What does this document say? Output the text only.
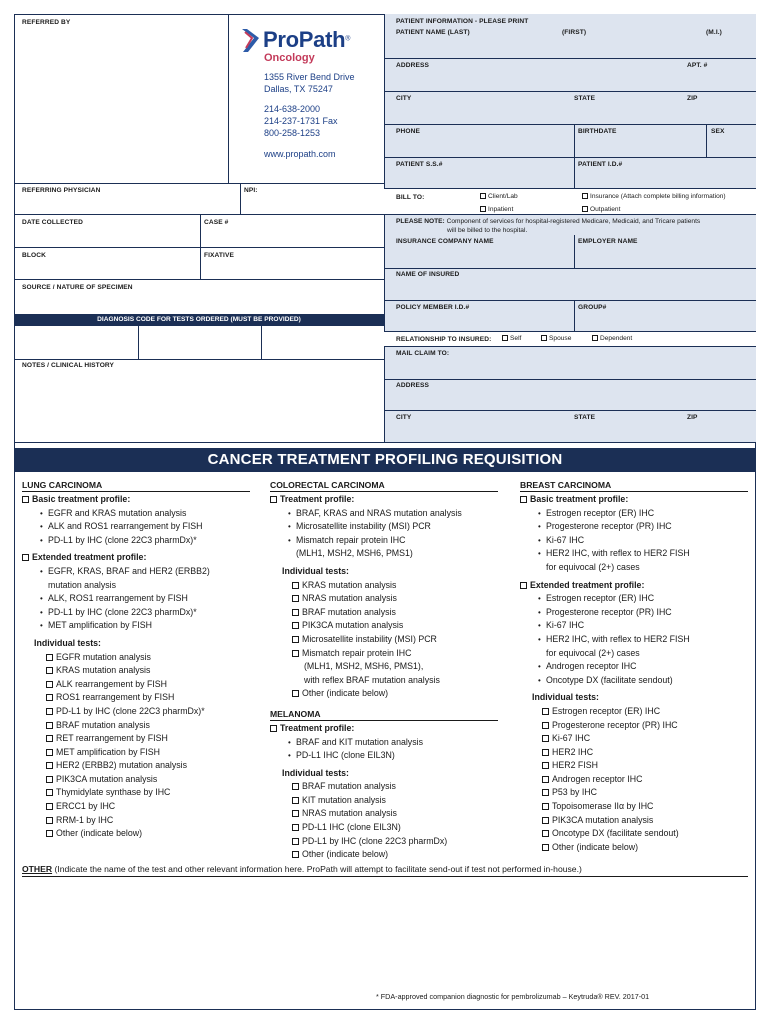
REFERRED BY
ProPath®
Oncology
1355 River Bend Drive
Dallas, TX 75247
214-638-2000
214-237-1731 Fax
800-258-1253
www.propath.com
REFERRING PHYSICIAN	NPI:
DATE COLLECTED	CASE #
BLOCK	FIXATIVE
SOURCE / NATURE OF SPECIMEN
DIAGNOSIS CODE FOR TESTS ORDERED (MUST BE PROVIDED)
NOTES / CLINICAL HISTORY
PATIENT INFORMATION - PLEASE PRINT
PATIENT NAME (LAST)	(FIRST)	(M.I.)
ADDRESS	APT. #
CITY	STATE	ZIP
PHONE	BIRTHDATE	SEX
PATIENT S.S.#	PATIENT I.D.#
BILL TO:	Client/Lab	Insurance (Attach complete billing information)
Inpatient	Outpatient
PLEASE NOTE: Component of services for hospital-registered Medicare, Medicaid, and Tricare patients
will be billed to the hospital.
INSURANCE COMPANY NAME	EMPLOYER NAME
NAME OF INSURED
POLICY MEMBER I.D.#	GROUP#
RELATIONSHIP TO INSURED:	Self	Spouse	Dependent
MAIL CLAIM TO:
ADDRESS
CITY	STATE	ZIP
CANCER TREATMENT PROFILING REQUISITION
LUNG CARCINOMA
Basic treatment profile:
• EGFR and KRAS mutation analysis
• ALK and ROS1 rearrangement by FISH
• PD-L1 by IHC (clone 22C3 pharmDx)*
Extended treatment profile:
• EGFR, KRAS, BRAF and HER2 (ERBB2)
mutation analysis
• ALK, ROS1 rearrangement by FISH
• PD-L1 by IHC (clone 22C3 pharmDx)*
• MET amplification by FISH
Individual tests:
EGFR mutation analysis
KRAS mutation analysis
ALK rearrangement by FISH
ROS1 rearrangement by FISH
PD-L1 by IHC (clone 22C3 pharmDx)*
BRAF mutation analysis
RET rearrangement by FISH
MET amplification by FISH
HER2 (ERBB2) mutation analysis
PIK3CA mutation analysis
Thymidylate synthase by IHC
ERCC1 by IHC
RRM-1 by IHC
Other (indicate below)
COLORECTAL CARCINOMA
Treatment profile:
• BRAF, KRAS and NRAS mutation analysis
• Microsatellite instability (MSI) PCR
• Mismatch repair protein IHC
(MLH1, MSH2, MSH6, PMS1)
Individual tests:
KRAS mutation analysis
NRAS mutation analysis
BRAF mutation analysis
PIK3CA mutation analysis
Microsatellite instability (MSI) PCR
Mismatch repair protein IHC
(MLH1, MSH2, MSH6, PMS1),
with reflex BRAF mutation analysis
Other (indicate below)
MELANOMA
Treatment profile:
• BRAF and KIT mutation analysis
• PD-L1 IHC (clone EIL3N)
Individual tests:
BRAF mutation analysis
KIT mutation analysis
NRAS mutation analysis
PD-L1 IHC (clone EIL3N)
PD-L1 by IHC (clone 22C3 pharmDx)
Other (indicate below)
BREAST CARCINOMA
Basic treatment profile:
• Estrogen receptor (ER) IHC
• Progesterone receptor (PR) IHC
• Ki-67 IHC
• HER2 IHC, with reflex to HER2 FISH
for equivocal (2+) cases
Extended treatment profile:
• Estrogen receptor (ER) IHC
• Progesterone receptor (PR) IHC
• Ki-67 IHC
• HER2 IHC, with reflex to HER2 FISH
for equivocal (2+) cases
• Androgen receptor IHC
• Oncotype DX (facilitate sendout)
Individual tests:
Estrogen receptor (ER) IHC
Progesterone receptor (PR) IHC
Ki-67 IHC
HER2 IHC
HER2 FISH
Androgen receptor IHC
P53 by IHC
Topoisomerase IIα by IHC
PIK3CA mutation analysis
Oncotype DX (facilitate sendout)
Other (indicate below)
OTHER (Indicate the name of the test and other relevant information here. ProPath will attempt to facilitate send-out if test not performed in-house.)
* FDA-approved companion diagnostic for pembrolizumab – Keytruda® REV. 2017-01
